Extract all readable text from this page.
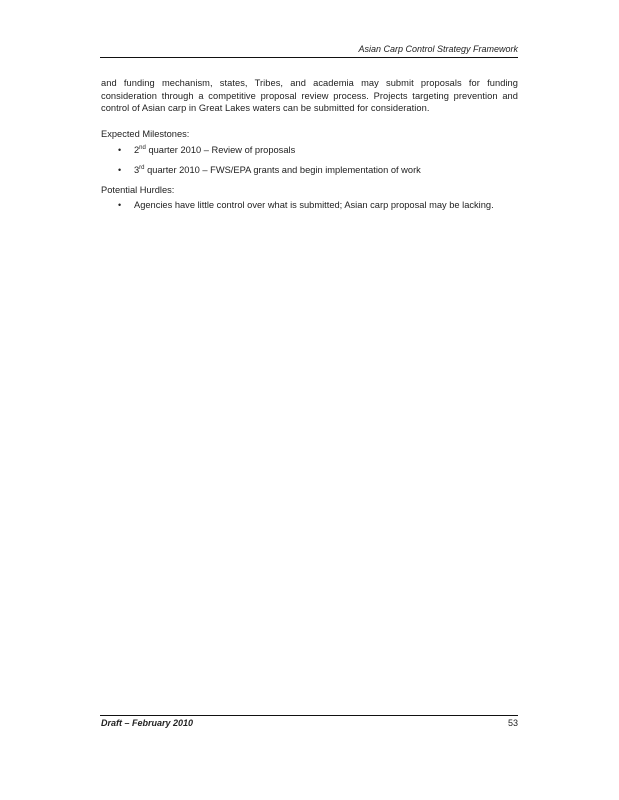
Asian Carp Control Strategy Framework

and funding mechanism, states, Tribes, and academia may submit proposals for funding consideration through a competitive proposal review process. Projects targeting prevention and control of Asian carp in Great Lakes waters can be submitted for consideration.

Expected Milestones:
• 2nd quarter 2010 – Review of proposals
• 3rd quarter 2010 – FWS/EPA grants and begin implementation of work
Potential Hurdles:
• Agencies have little control over what is submitted; Asian carp proposal may be lacking.
Draft – February 2010	53
